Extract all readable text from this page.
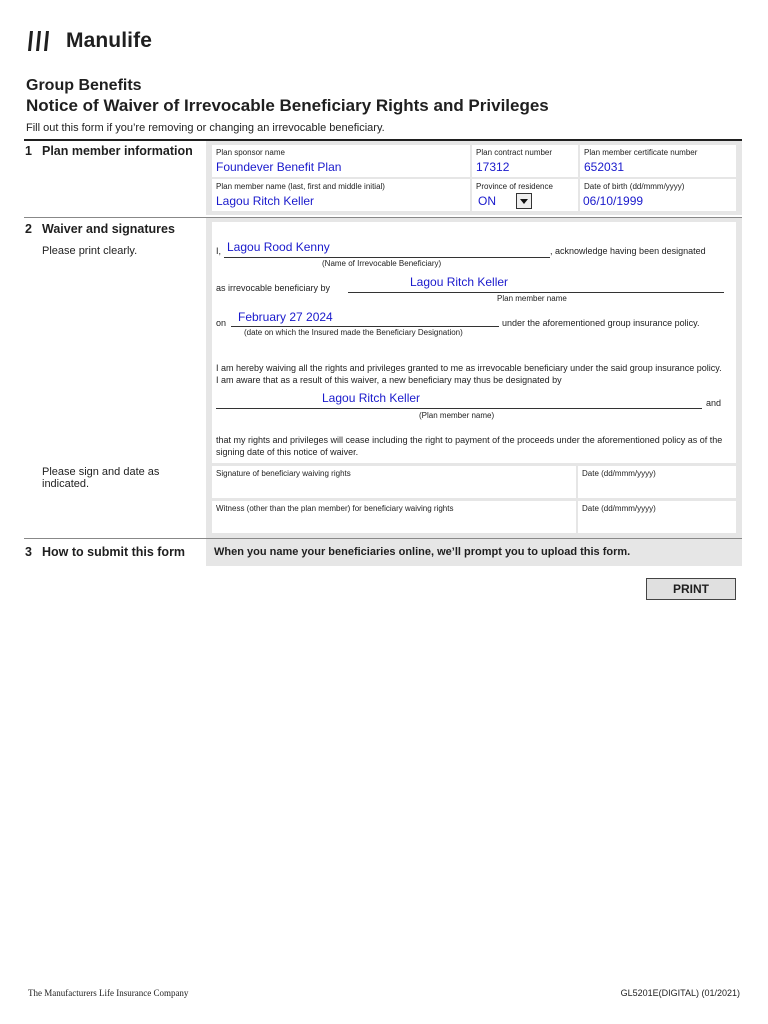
Manulife
Group Benefits
Notice of Waiver of Irrevocable Beneficiary Rights and Privileges
Fill out this form if you’re removing or changing an irrevocable beneficiary.
1 Plan member information	Plan sponsor name
Foundever Benefit Plan
Plan contract number
17312
Plan member certificate number
652031
Plan member name (last, first and middle initial)
Lagou Ritch Keller
Province of residence
ON
Date of birth (dd/mmm/yyyy)
06/10/1999
2 Waiver and signatures
Please print clearly.
Please sign and date as indicated.
I, Lagou Rood Kenny	, acknowledge having been designated
(Name of Irrevocable Beneficiary)
as irrevocable beneficiary by	Lagou Ritch Keller
Plan member name
on February 27 2024	under the aforementioned group insurance policy.
(date on which the Insured made the Beneficiary Designation)
I am hereby waiving all the rights and privileges granted to me as irrevocable beneficiary under the said group insurance policy. I am aware that as a result of this waiver, a new beneficiary may thus be designated by
Lagou Ritch Keller	and
(Plan member name)
that my rights and privileges will cease including the right to payment of the proceeds under the aforementioned policy as of the signing date of this notice of waiver.
Signature of beneficiary waiving rights	Date (dd/mmm/yyyy)
Witness (other than the plan member) for beneficiary waiving rights	Date (dd/mmm/yyyy)
3 How to submit this form	When you name your beneficiaries online, we’ll prompt you to upload this form.
PRINT
The Manufacturers Life Insurance Company	GL5201E(DIGITAL) (01/2021)
